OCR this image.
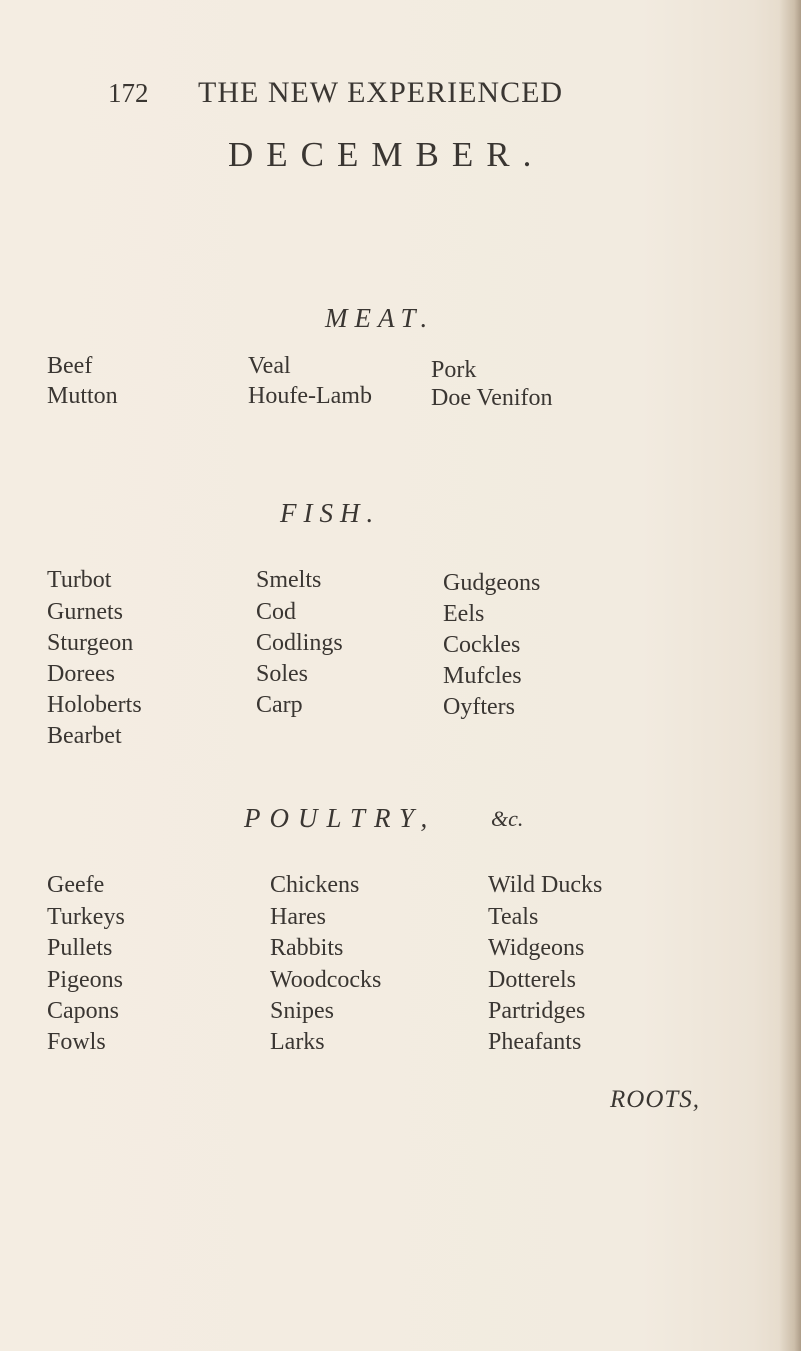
172 THE NEW EXPERIENCED
DECEMBER.
MEAT.
Beef
Mutton
Veal
Houfe-Lamb
Pork
Doe Venifon
FISH.
Turbot
Gurnets
Sturgeon
Dorees
Holoberts
Bearbet
Smelts
Cod
Codlings
Soles
Carp
Gudgeons
Eels
Cockles
Mufcles
Oyfters
POULTRY, &c.
Geefe
Turkeys
Pullets
Pigeons
Capons
Fowls
Chickens
Hares
Rabbits
Woodcocks
Snipes
Larks
Wild Ducks
Teals
Widgeons
Dotterels
Partridges
Pheafants
ROOTS,
